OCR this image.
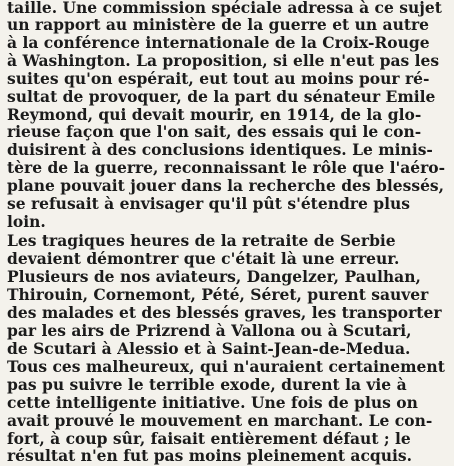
taille. Une commission spéciale adressa à ce sujet
un rapport au ministère de la guerre et un autre
à la conférence internationale de la Croix-Rouge
à Washington. La proposition, si elle n'eut pas les
suites qu'on espérait, eut tout au moins pour ré-
sultat de provoquer, de la part du sénateur Emile
Reymond, qui devait mourir, en 1914, de la glo-
rieuse façon que l'on sait, des essais qui le con-
duisirent à des conclusions identiques. Le minis-
tère de la guerre, reconnaissant le rôle que l'aéro-
plane pouvait jouer dans la recherche des blessés,
se refusait à envisager qu'il pût s'étendre plus
loin.
Les tragiques heures de la retraite de Serbie
devaient démontrer que c'était là une erreur.
Plusieurs de nos aviateurs, Dangelzer, Paulhan,
Thirouin, Cornemont, Pété, Séret, purent sauver
des malades et des blessés graves, les transporter
par les airs de Prizrend à Vallona ou à Scutari,
de Scutari à Alessio et à Saint-Jean-de-Medua.
Tous ces malheureux, qui n'auraient certainement
pas pu suivre le terrible exode, durent la vie à
cette intelligente initiative. Une fois de plus on
avait prouvé le mouvement en marchant. Le con-
fort, à coup sûr, faisait entièrement défaut ; le
résultat n'en fut pas moins pleinement acquis.
